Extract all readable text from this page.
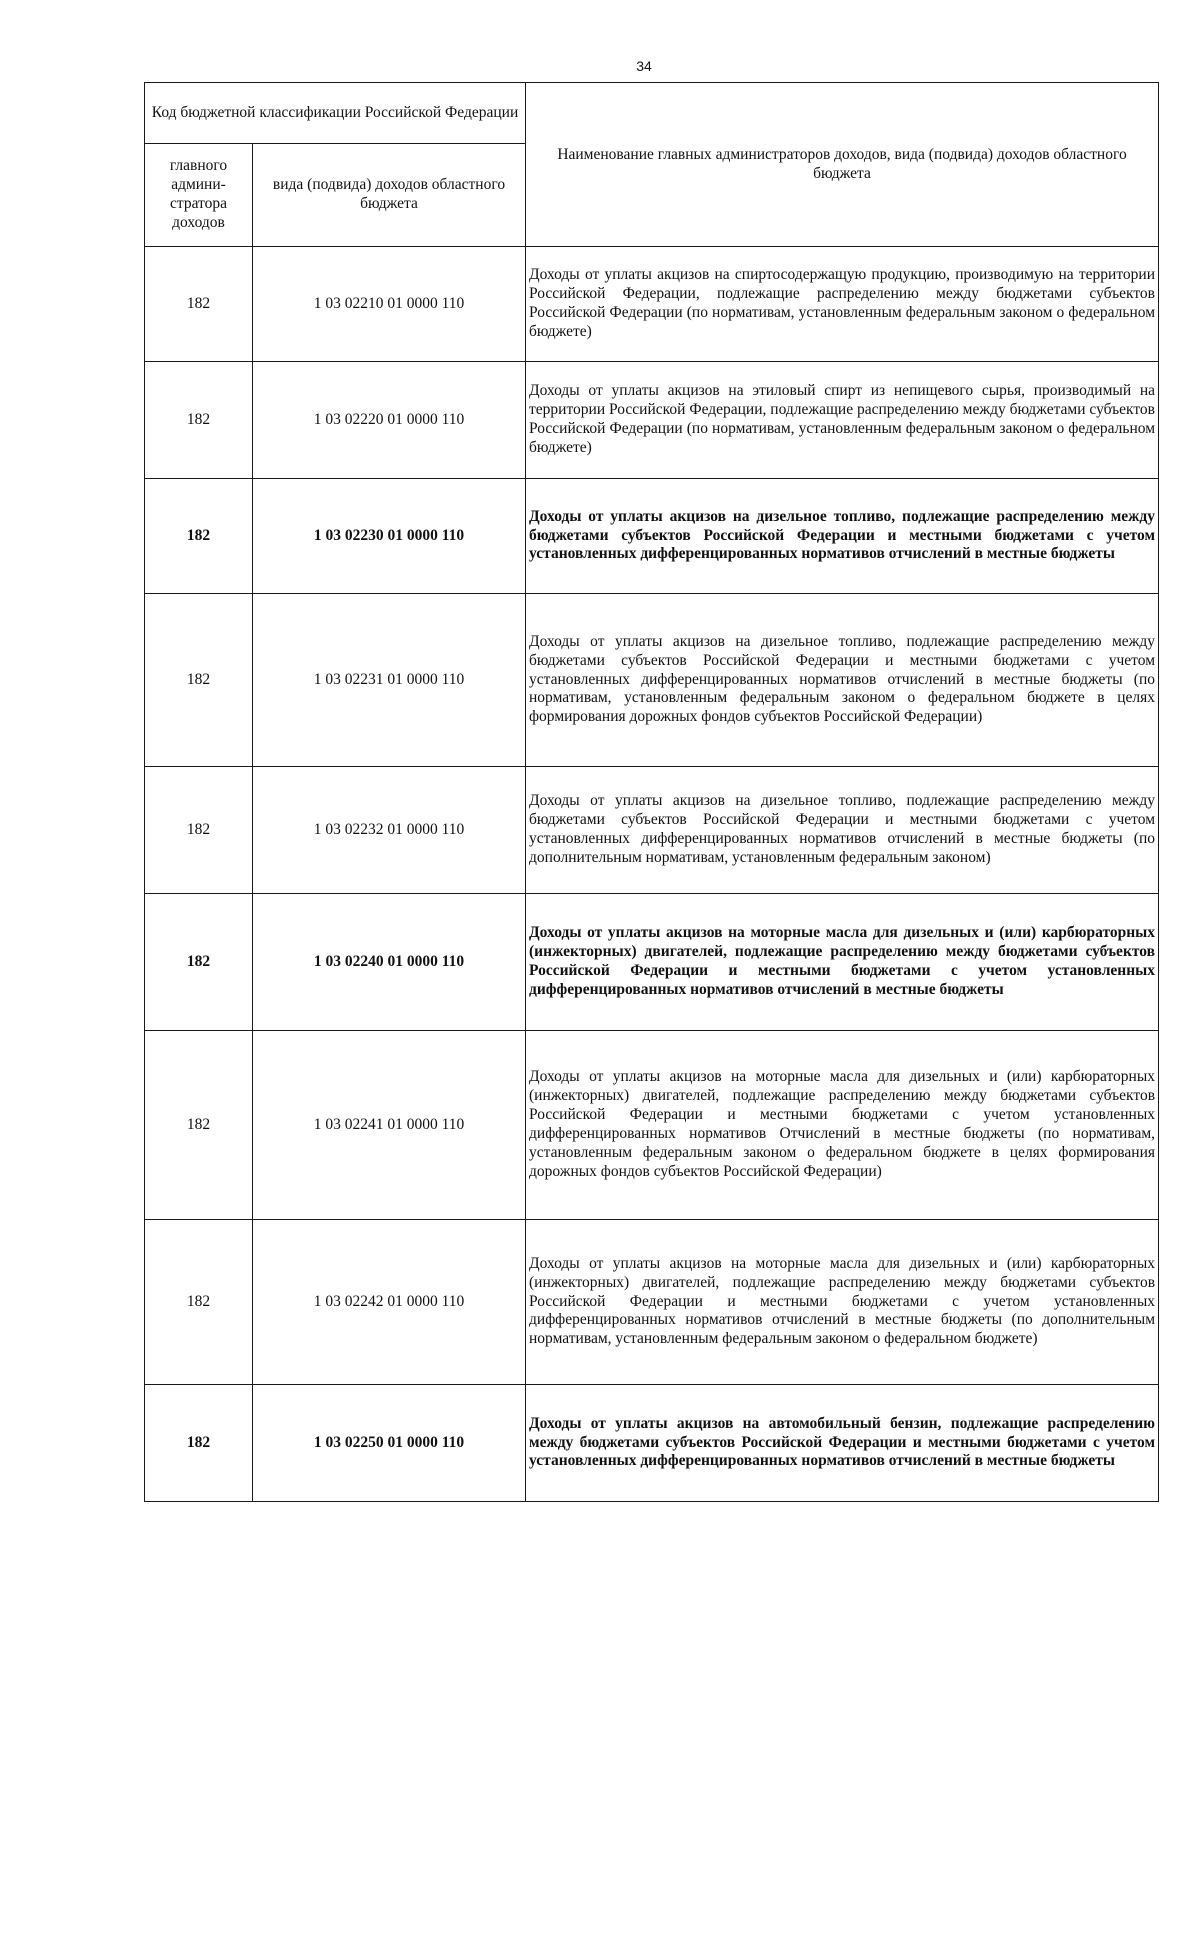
34
Код бюджетной классификации Российской Федерации		Наименование главных администраторов доходов, вида (подвида) доходов областного бюджета
главного админи-стратора доходов	вида (подвида) доходов областного бюджета	
182	1 03 02210 01 0000 110	Доходы от уплаты акцизов на спиртосодержащую продукцию, производимую на территории Российской Федерации, подлежащие распределению между бюджетами субъектов Российской Федерации (по нормативам, установленным федеральным законом о федеральном бюджете)
182	1 03 02220 01 0000 110	Доходы от уплаты акцизов на этиловый спирт из непищевого сырья, производимый на территории Российской Федерации, подлежащие распределению между бюджетами субъектов Российской Федерации (по нормативам, установленным федеральным законом о федеральном бюджете)
182	1 03 02230 01 0000 110	Доходы от уплаты акцизов на дизельное топливо, подлежащие распределению между бюджетами субъектов Российской Федерации и местными бюджетами с учетом установленных дифференцированных нормативов отчислений в местные бюджеты
182	1 03 02231 01 0000 110	Доходы от уплаты акцизов на дизельное топливо, подлежащие распределению между бюджетами субъектов Российской Федерации и местными бюджетами с учетом установленных дифференцированных нормативов отчислений в местные бюджеты (по нормативам, установленным федеральным законом о федеральном бюджете в целях формирования дорожных фондов субъектов Российской Федерации)
182	1 03 02232 01 0000 110	Доходы от уплаты акцизов на дизельное топливо, подлежащие распределению между бюджетами субъектов Российской Федерации и местными бюджетами с учетом установленных дифференцированных нормативов отчислений в местные бюджеты (по дополнительным нормативам, установленным федеральным законом)
182	1 03 02240 01 0000 110	Доходы от уплаты акцизов на моторные масла для дизельных и (или) карбюраторных (инжекторных) двигателей, подлежащие распределению между бюджетами субъектов Российской Федерации и местными бюджетами с учетом установленных дифференцированных нормативов отчислений в местные бюджеты
182	1 03 02241 01 0000 110	Доходы от уплаты акцизов на моторные масла для дизельных и (или) карбюраторных (инжекторных) двигателей, подлежащие распределению между бюджетами субъектов Российской Федерации и местными бюджетами с учетом установленных дифференцированных нормативов Отчислений в местные бюджеты (по нормативам, установленным федеральным законом о федеральном бюджете в целях формирования дорожных фондов субъектов Российской Федерации)
182	1 03 02242 01 0000 110	Доходы от уплаты акцизов на моторные масла для дизельных и (или) карбюраторных (инжекторных) двигателей, подлежащие распределению между бюджетами субъектов Российской Федерации и местными бюджетами с учетом установленных дифференцированных нормативов отчислений в местные бюджеты (по дополнительным нормативам, установленным федеральным законом о федеральном бюджете)
182	1 03 02250 01 0000 110	Доходы от уплаты акцизов на автомобильный бензин, подлежащие распределению между бюджетами субъектов Российской Федерации и местными бюджетами с учетом установленных дифференцированных нормативов отчислений в местные бюджеты
